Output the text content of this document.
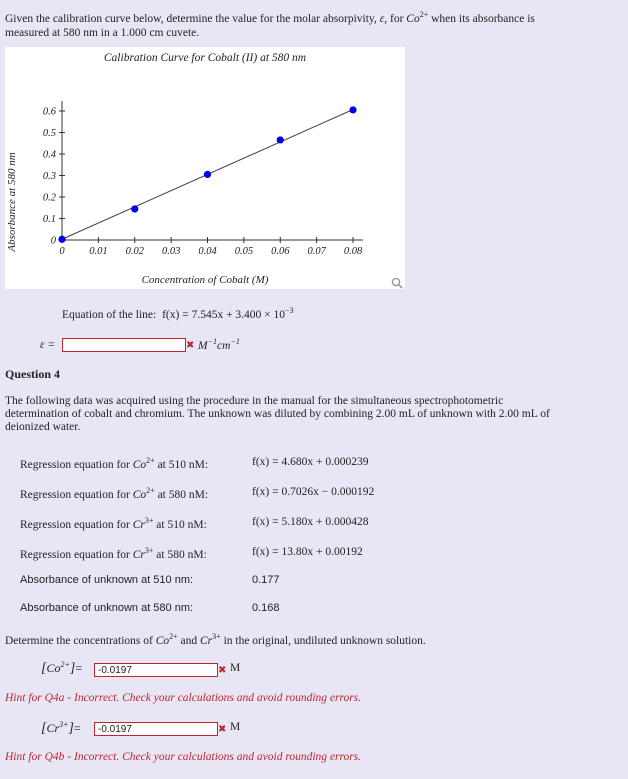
Given the calibration curve below, determine the value for the molar absorpivity, ε, for $Co^{2+}$ when its absorbance is
measured at 580 nm in a 1.000 cm cuvete.
Calibration Curve for Cobalt (II) at 580 nm
Absorbance at 580 nm
Concentration of Cobalt (M)
0 0.01 0.02 0.03 0.04 0.05 0.06 0.07 0.08
0
0.1
0.2
0.3
0.4
0.5
0.6
Equation of the line: $f(x) = 7.545x + 3.400 \times 10^{-3}$
ε =	✖ $M^{-1}cm^{-1}$
Question 4
The following data was acquired using the procedure in the manual for the simultaneous spectrophotometric
determination of cobalt and chromium. The unknown was diluted by combining 2.00 mL of unknown with 2.00 mL of
deionized water.
Regression equation for $Co^{2+}$ at 510 nM:	f(x) = 4.680x + 0.000239
Regression equation for $Co^{2+}$ at 580 nM:	f(x) = 0.7026x − 0.000192
Regression equation for $Cr^{3+}$ at 510 nM:	f(x) = 5.180x + 0.000428
Regression equation for $Cr^{3+}$ at 580 nM:	f(x) = 13.80x + 0.00192
Absorbance of unknown at 510 nm:	0.177
Absorbance of unknown at 580 nm:	0.168
Determine the concentrations of $Co^{2+}$ and $Cr^{3+}$ in the original, undiluted unknown solution.
$[Co^{2+}]=$	-0.0197	✖ M
Hint for Q4a - Incorrect. Check your calculations and avoid rounding errors.
$[Cr^{3+}]=$	-0.0197	✖ M
Hint for Q4b - Incorrect. Check your calculations and avoid rounding errors.
